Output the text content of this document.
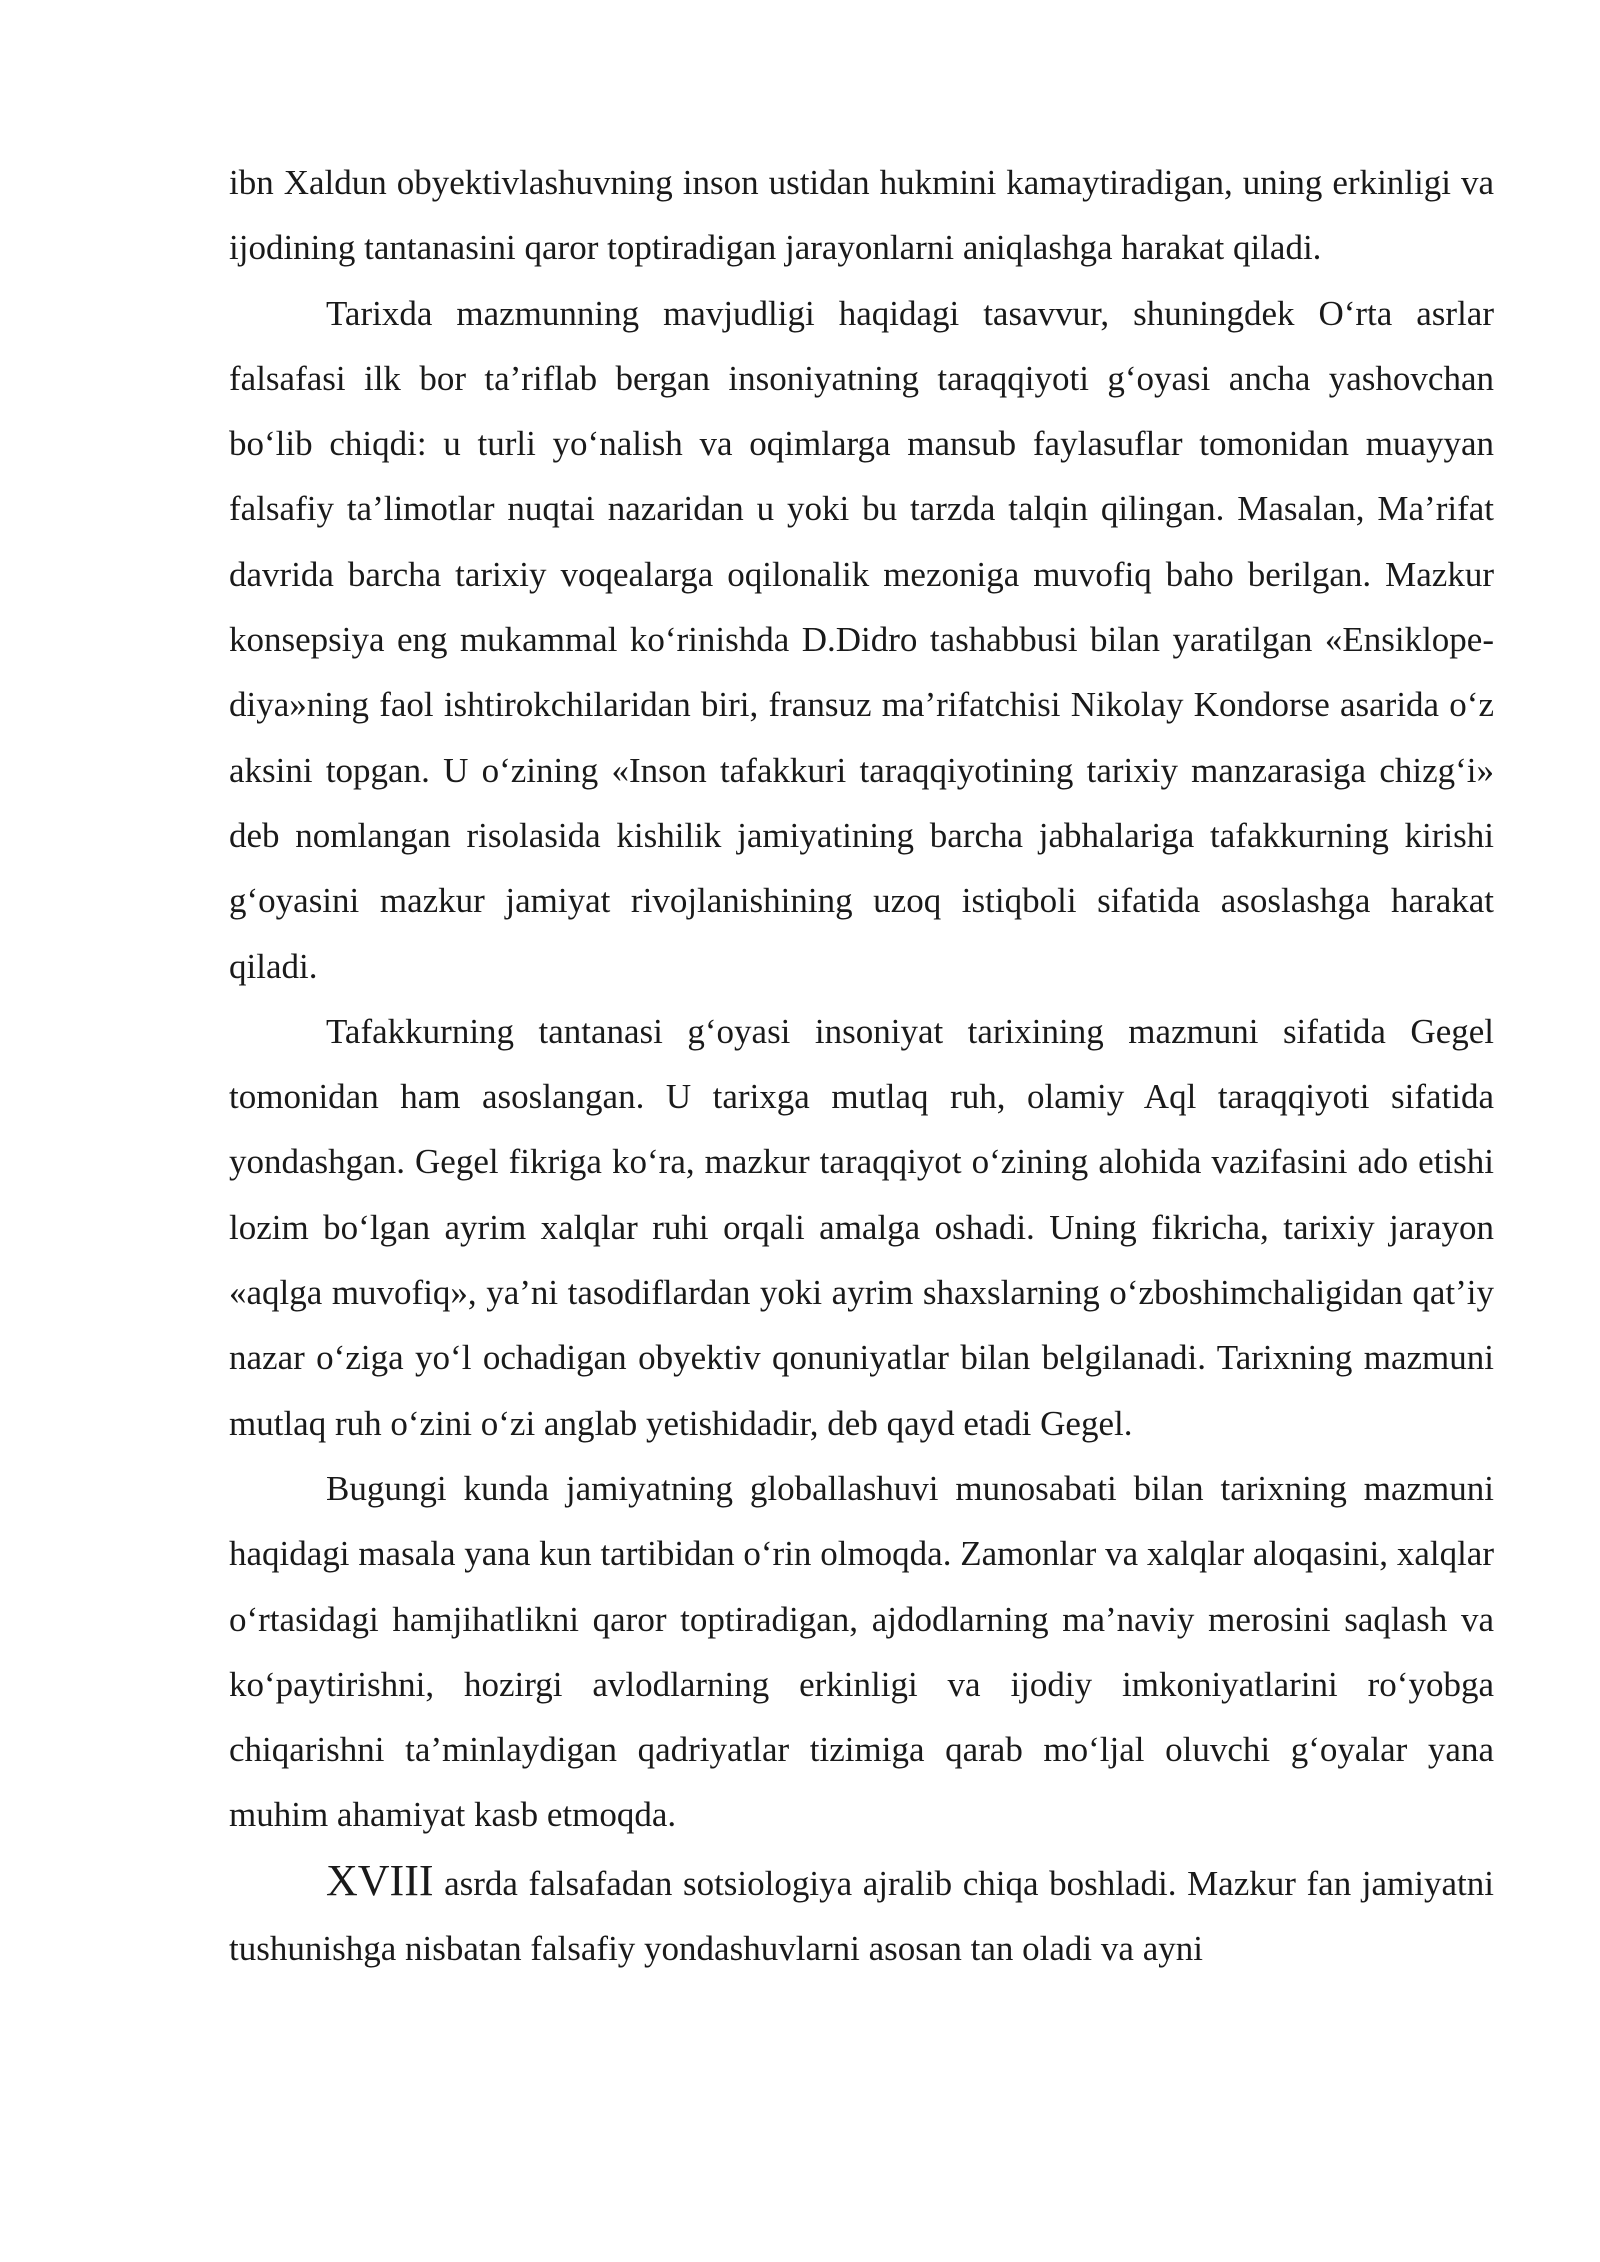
ibn Xaldun obyektivlashuvning inson ustidan hukmini kamaytiradigan, uning erkinligi va ijodining tantanasini qaror toptiradigan jarayonlarni aniqlashga harakat qiladi.

Tarixda mazmunning mavjudligi haqidagi tasavvur, shuningdek O‘rta asrlar falsafasi ilk bor ta’riflab bergan insoniyatning taraqqiyoti g‘oyasi ancha yashovchan bo‘lib chiqdi: u turli yo‘nalish va oqimlarga mansub faylasuflar tomonidan muayyan falsafiy ta’limotlar nuqtai nazaridan u yoki bu tarzda talqin qilingan. Masalan, Ma’rifat davrida barcha tarixiy voqealarga oqilonalik mezoniga muvofiq baho berilgan. Mazkur konsepsiya eng mukammal ko‘rinishda D.Didro tashabbusi bilan yaratilgan «Ensiklope- diya»ning faol ishtirokchilaridan biri, fransuz ma’rifatchisi Nikolay Kondorse asarida o‘z aksini topgan. U o‘zining «Inson tafakkuri taraqqiyotining tarixiy manzarasiga chizg‘i» deb nomlangan risolasida kishilik jamiyatining barcha jabhalariga tafakkurning kirishi g‘oyasini mazkur jamiyat rivojlanishining uzoq istiqboli sifatida asoslashga harakat qiladi.

Tafakkurning tantanasi g‘oyasi insoniyat tarixining mazmuni sifatida Gegel tomonidan ham asoslangan. U tarixga mutlaq ruh, olamiy Aql taraqqiyoti sifatida yondashgan. Gegel fikriga ko‘ra, mazkur taraqqiyot o‘zining alohida vazifasini ado etishi lozim bo‘lgan ayrim xalqlar ruhi orqali amalga oshadi. Uning fikricha, tarixiy jarayon «aqlga muvofiq», ya’ni tasodiflardan yoki ayrim shaxslarning o‘zboshimchaligidan qat’iy nazar o‘ziga yo‘l ochadigan obyektiv qonuniyatlar bilan belgilanadi. Tarixning mazmuni mutlaq ruh o‘zini o‘zi anglab yetishidadir, deb qayd etadi Gegel.

Bugungi kunda jamiyatning globallashuvi munosabati bilan tarixning mazmuni haqidagi masala yana kun tartibidan o‘rin olmoqda. Zamonlar va xalqlar aloqasini, xalqlar o‘rtasidagi hamjihatlikni qaror toptiradigan, ajdodlarning ma’naviy merosini saqlash va ko‘paytirishni, hozirgi avlodlarning erkinligi va ijodiy imkoniyatlarini ro‘yobga chiqarishni ta’minlaydigan qadriyatlar tizimiga qarab mo‘ljal oluvchi g‘oyalar yana muhim ahamiyat kasb etmoqda.

XVIII asrda falsafadan sotsiologiya ajralib chiqa boshladi. Mazkur fan jamiyatni tushunishga nisbatan falsafiy yondashuvlarni asosan tan oladi va ayni
